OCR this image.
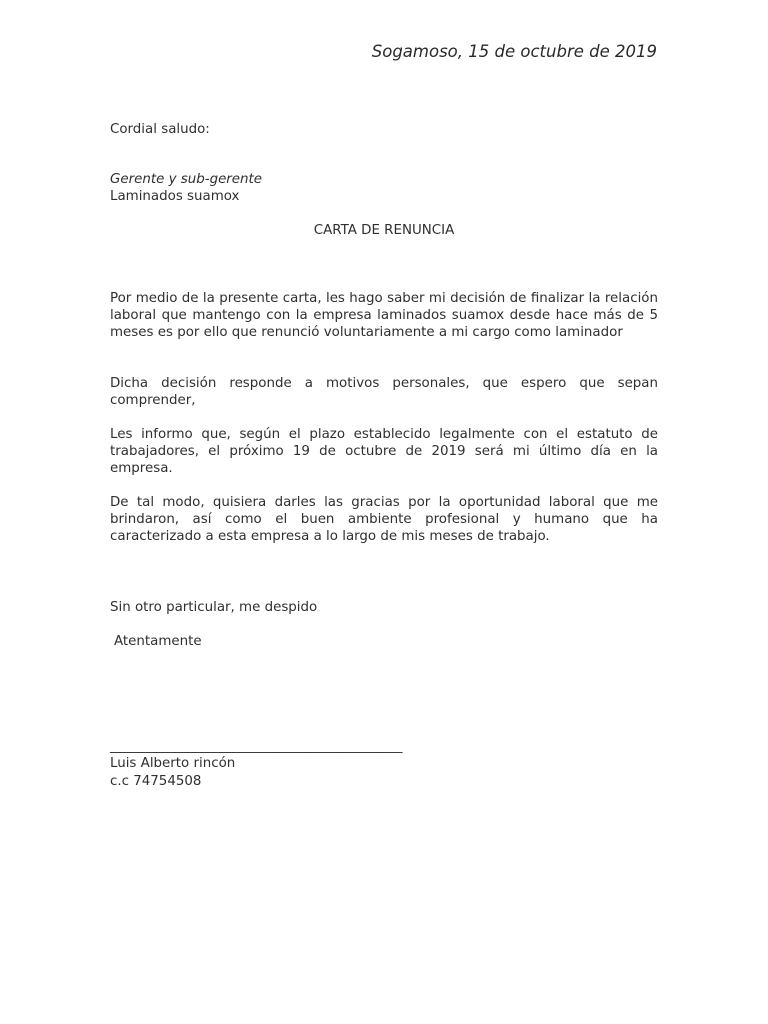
Sogamoso, 15 de octubre de 2019
Cordial saludo:
Gerente y sub-gerente
Laminados suamox
CARTA DE RENUNCIA
Por medio de la presente carta, les hago saber mi decisión de finalizar la relación laboral que mantengo con la empresa laminados suamox desde hace más de 5 meses es por ello que renunció voluntariamente a mi cargo como laminador
Dicha decisión responde a motivos personales, que espero que sepan comprender,
Les informo que, según el plazo establecido legalmente con el estatuto de trabajadores, el próximo 19 de octubre de 2019 será mi último día en la empresa.
De tal modo, quisiera darles las gracias por la oportunidad laboral que me brindaron, así como el buen ambiente profesional y humano que ha caracterizado a esta empresa a lo largo de mis meses de trabajo.
Sin otro particular, me despido
Atentamente
_____________________________________________
Luis Alberto rincón
c.c 74754508
